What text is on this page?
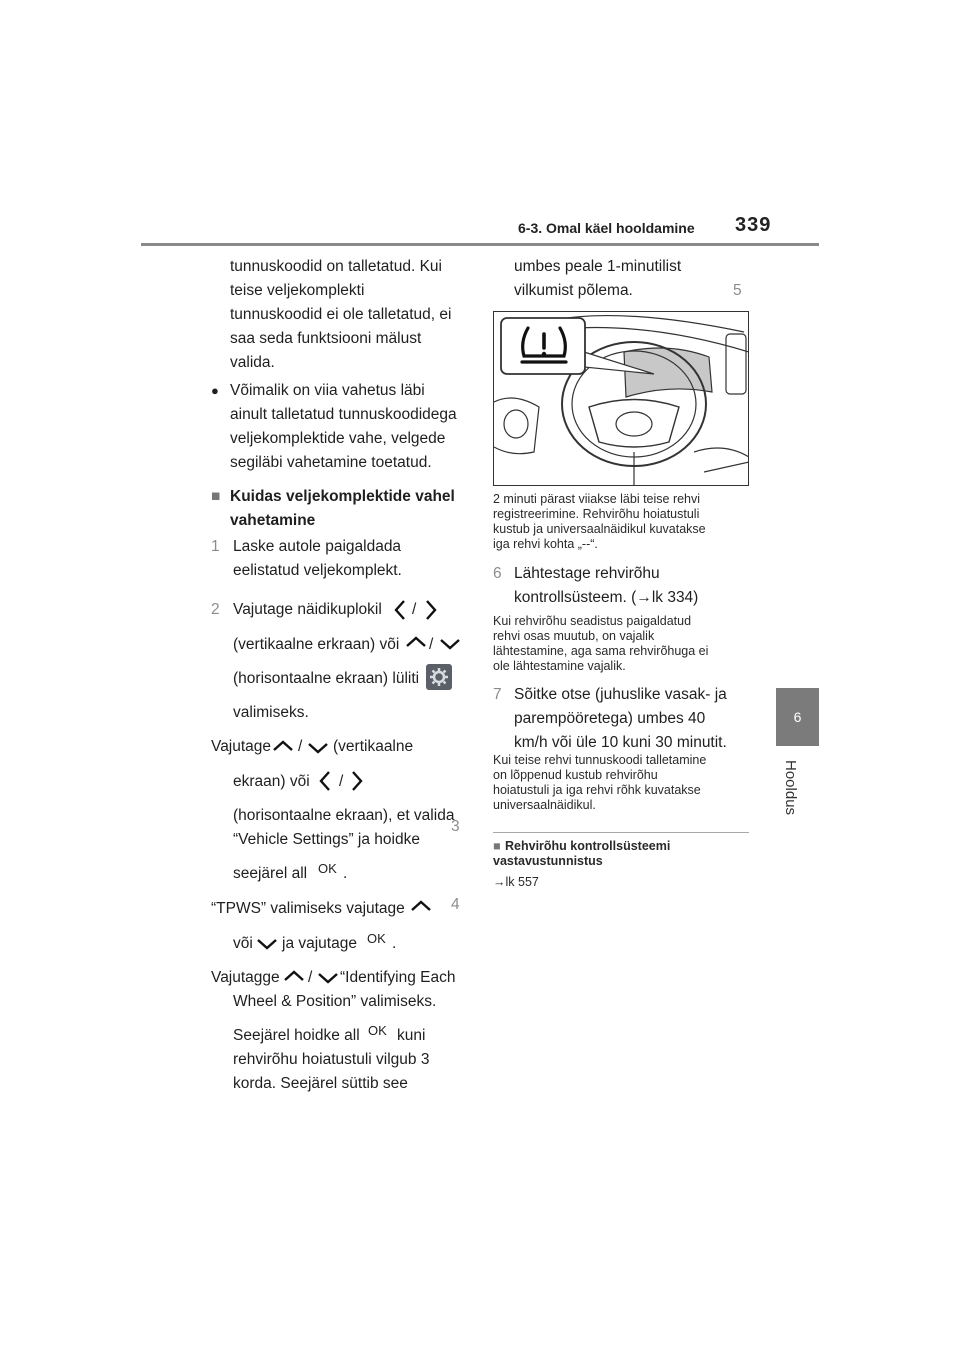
6-3. Omal käel hooldamine 339
6
Hooldus
tunnuskoodid on talletatud. Kui
teise veljekomplekti
tunnuskoodid ei ole talletatud, ei
saa seda funktsiooni mälust
valida.
● Võimalik on viia vahetus läbi
ainult talletatud tunnuskoodidega
veljekomplektide vahe, velgede
segiläbi vahetamine toetatud.
■ Kuidas veljekomplektide vahel
vahetamine
1 Laske autole paigaldada
eelistatud veljekomplekt.
2 Vajutage näidikuplokil /
(vertikaalne erkraan) või /
(horisontaalne ekraan) lüliti
valimiseks.
Vajutage / (vertikaalne
ekraan) või /
(horisontaalne ekraan), et valida
“Vehicle Settings” ja hoidke
seejärel all OK .
3
“TPWS” valimiseks vajutage
või ja vajutage OK .
4
Vajutagge / “Identifying Each
Wheel & Position” valimiseks.
Seejärel hoidke all OK kuni
rehvirõhu hoiatustuli vilgub 3
korda. Seejärel süttib see
umbes peale 1-minutilist
vilkumist põlema.	5
2 minuti pärast viiakse läbi teise rehvi
registreerimine. Rehvirõhu hoiatustuli
kustub ja universaalnäidikul kuvatakse
iga rehvi kohta „--“.
6 Lähtestage rehvirõhu
kontrollsüsteem. (→lk 334)
Kui rehvirõhu seadistus paigaldatud
rehvi osas muutub, on vajalik
lähtestamine, aga sama rehvirõhuga ei
ole lähtestamine vajalik.
7 Sõitke otse (juhuslike vasak- ja
parempööretega) umbes 40
km/h või üle 10 kuni 30 minutit.
Kui teise rehvi tunnuskoodi talletamine
on lõppenud kustub rehvirõhu
hoiatustuli ja iga rehvi rõhk kuvatakse
universaalnäidikul.
■ Rehvirõhu kontrollsüsteemi
vastavustunnistus
→lk 557
